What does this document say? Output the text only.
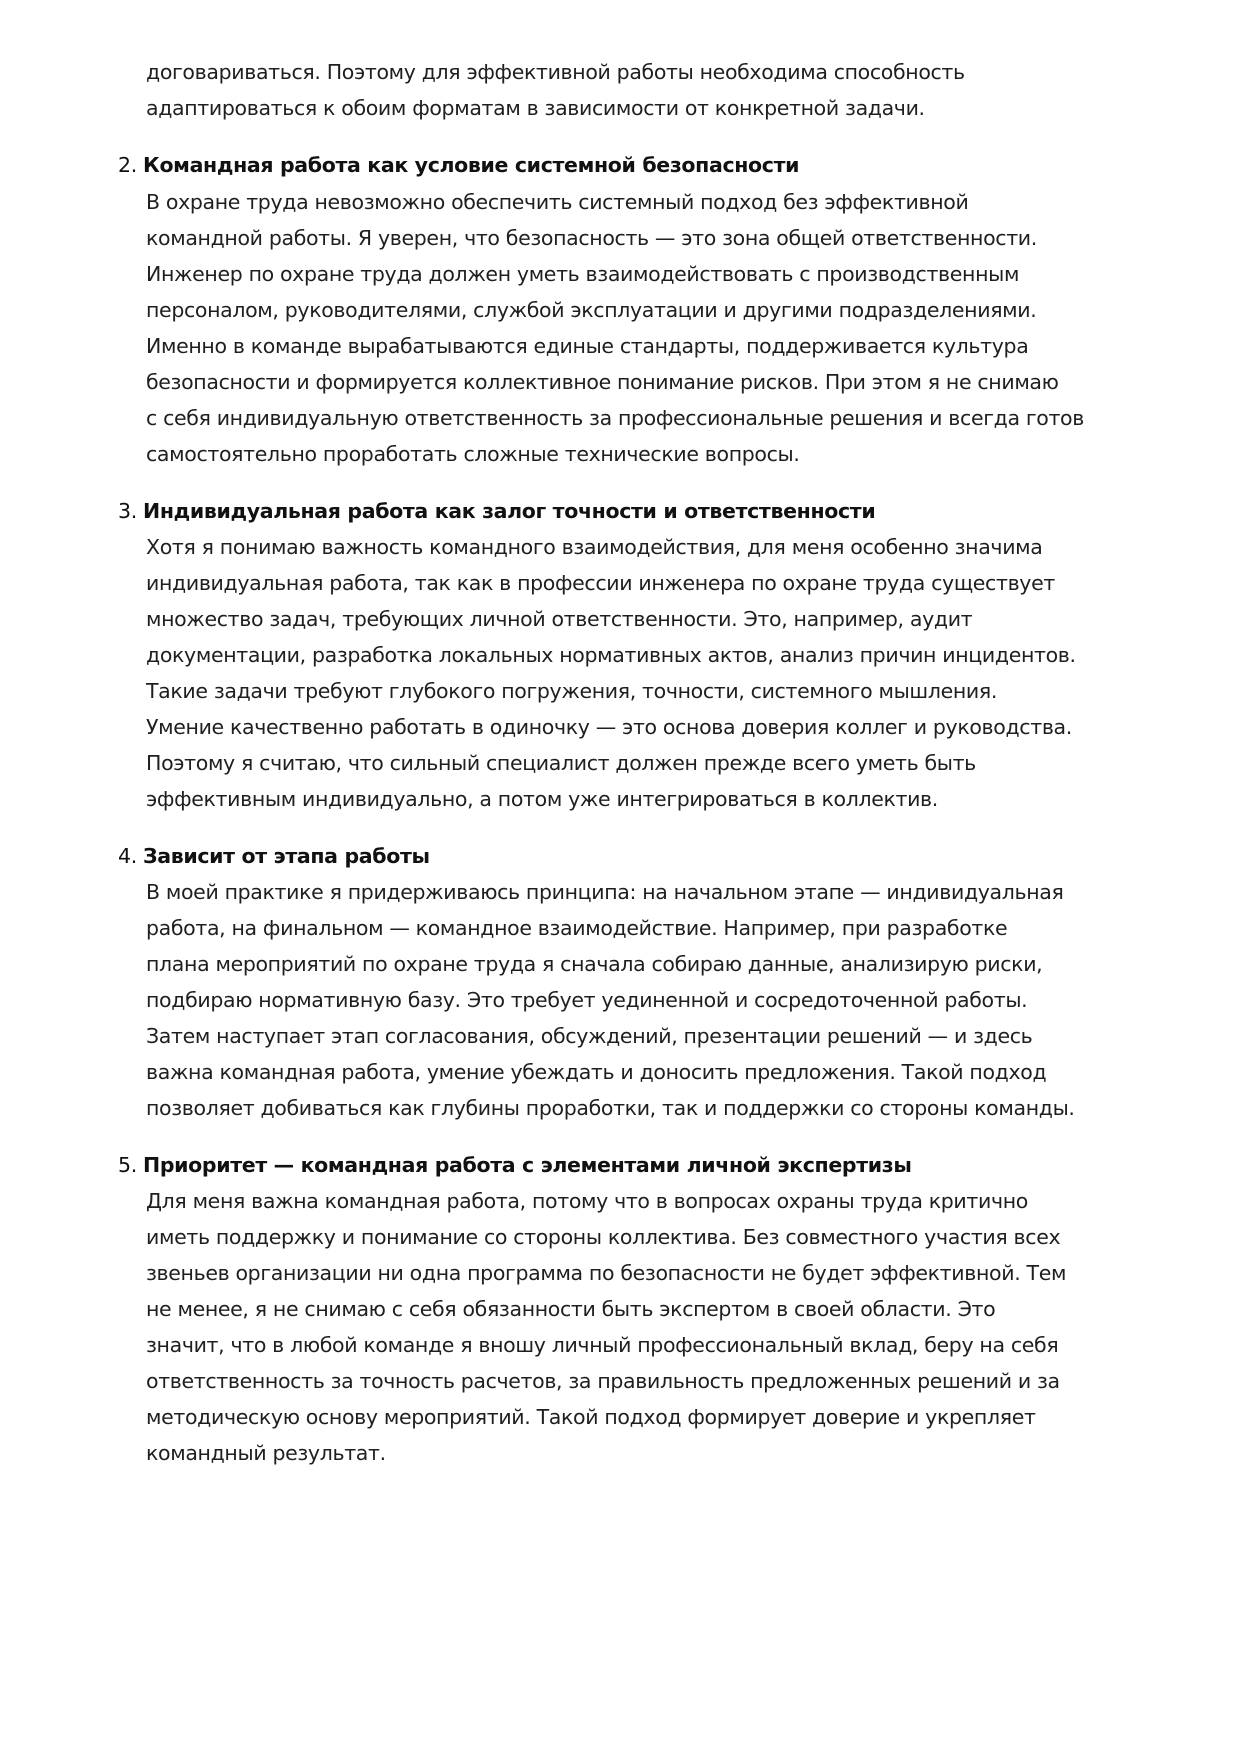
договариваться. Поэтому для эффективной работы необходима способность
адаптироваться к обоим форматам в зависимости от конкретной задачи.
2. Командная работа как условие системной безопасности
В охране труда невозможно обеспечить системный подход без эффективной
командной работы. Я уверен, что безопасность — это зона общей ответственности.
Инженер по охране труда должен уметь взаимодействовать с производственным
персоналом, руководителями, службой эксплуатации и другими подразделениями.
Именно в команде вырабатываются единые стандарты, поддерживается культура
безопасности и формируется коллективное понимание рисков. При этом я не снимаю
с себя индивидуальную ответственность за профессиональные решения и всегда готов
самостоятельно проработать сложные технические вопросы.
3. Индивидуальная работа как залог точности и ответственности
Хотя я понимаю важность командного взаимодействия, для меня особенно значима
индивидуальная работа, так как в профессии инженера по охране труда существует
множество задач, требующих личной ответственности. Это, например, аудит
документации, разработка локальных нормативных актов, анализ причин инцидентов.
Такие задачи требуют глубокого погружения, точности, системного мышления.
Умение качественно работать в одиночку — это основа доверия коллег и руководства.
Поэтому я считаю, что сильный специалист должен прежде всего уметь быть
эффективным индивидуально, а потом уже интегрироваться в коллектив.
4. Зависит от этапа работы
В моей практике я придерживаюсь принципа: на начальном этапе — индивидуальная
работа, на финальном — командное взаимодействие. Например, при разработке
плана мероприятий по охране труда я сначала собираю данные, анализирую риски,
подбираю нормативную базу. Это требует уединенной и сосредоточенной работы.
Затем наступает этап согласования, обсуждений, презентации решений — и здесь
важна командная работа, умение убеждать и доносить предложения. Такой подход
позволяет добиваться как глубины проработки, так и поддержки со стороны команды.
5. Приоритет — командная работа с элементами личной экспертизы
Для меня важна командная работа, потому что в вопросах охраны труда критично
иметь поддержку и понимание со стороны коллектива. Без совместного участия всех
звеньев организации ни одна программа по безопасности не будет эффективной. Тем
не менее, я не снимаю с себя обязанности быть экспертом в своей области. Это
значит, что в любой команде я вношу личный профессиональный вклад, беру на себя
ответственность за точность расчетов, за правильность предложенных решений и за
методическую основу мероприятий. Такой подход формирует доверие и укрепляет
командный результат.
